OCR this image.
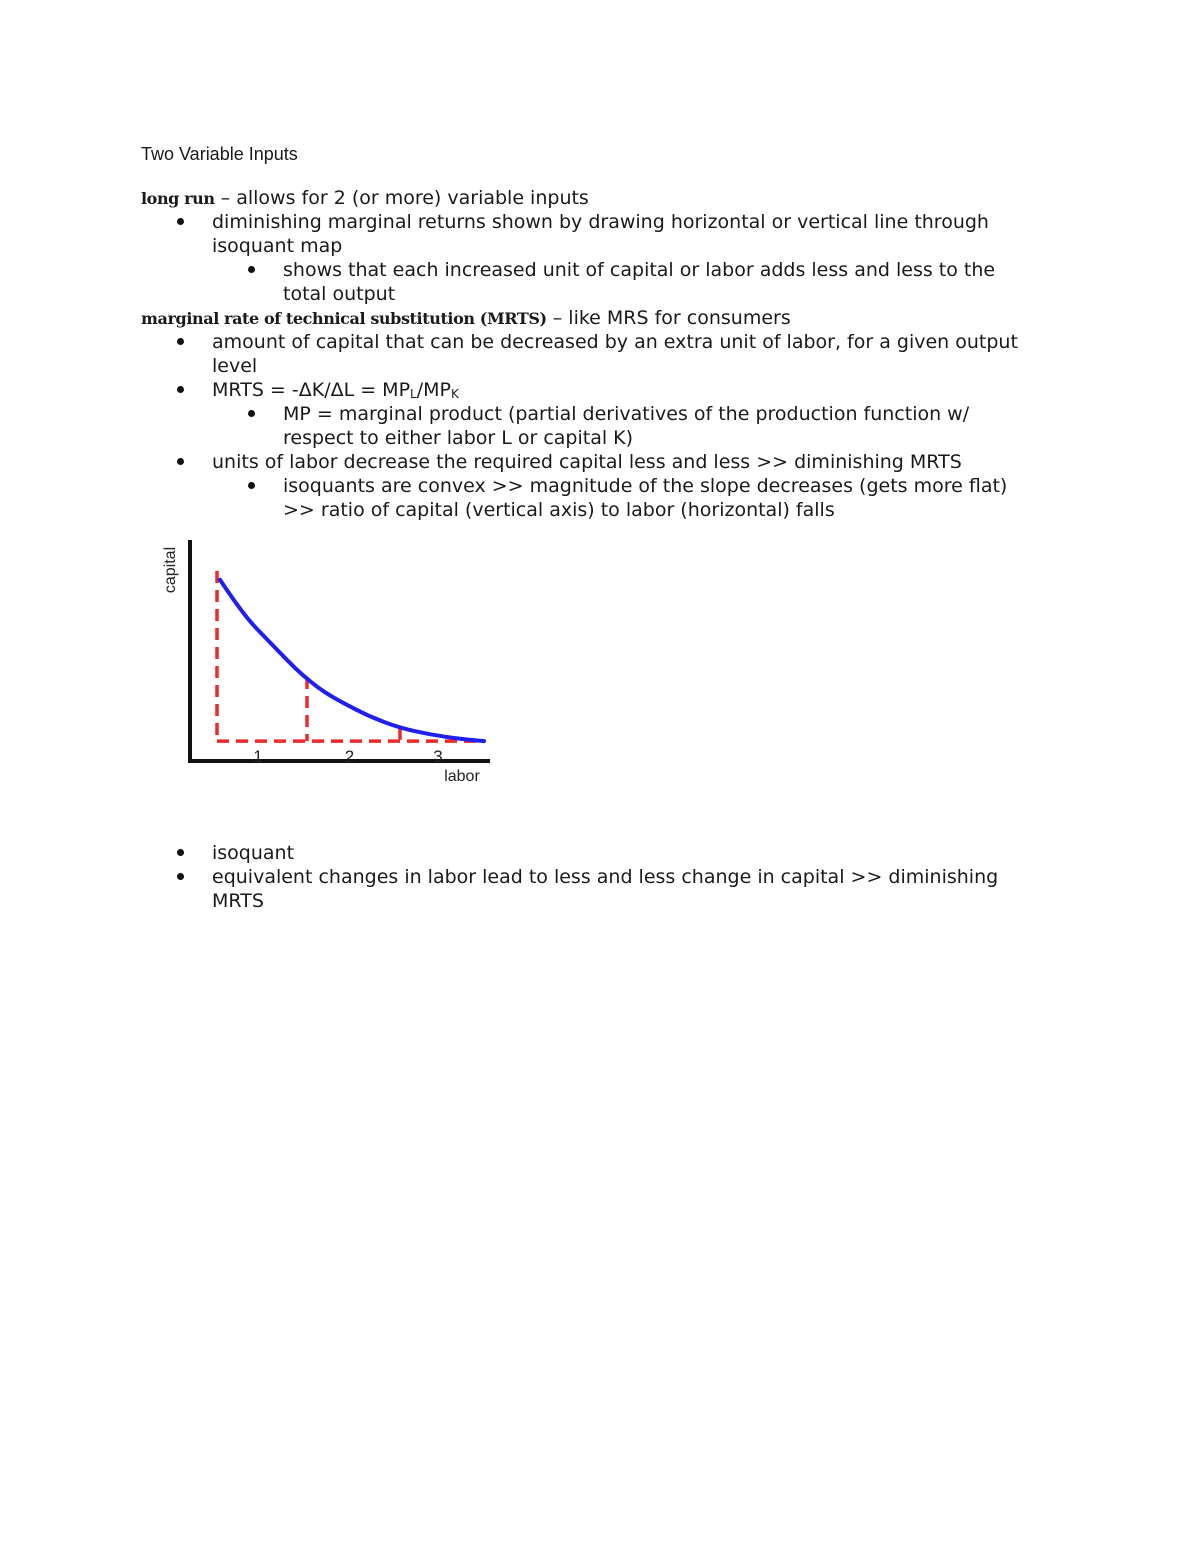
Two Variable Inputs
long run – allows for 2 (or more) variable inputs
diminishing marginal returns shown by drawing horizontal or vertical line through
isoquant map
shows that each increased unit of capital or labor adds less and less to the
total output
marginal rate of technical substitution (MRTS) – like MRS for consumers
amount of capital that can be decreased by an extra unit of labor, for a given output
level
MRTS = $-\Delta K/\Delta L = MP_L/MP_K$
MP = marginal product (partial derivatives of the production function w/
respect to either labor L or capital K)
units of labor decrease the required capital less and less >> diminishing MRTS
isoquants are convex >> magnitude of the slope decreases (gets more flat)
>> ratio of capital (vertical axis) to labor (horizontal) falls
1	2	3
labor
capital
isoquant
equivalent changes in labor lead to less and less change in capital >> diminishing
MRTS
